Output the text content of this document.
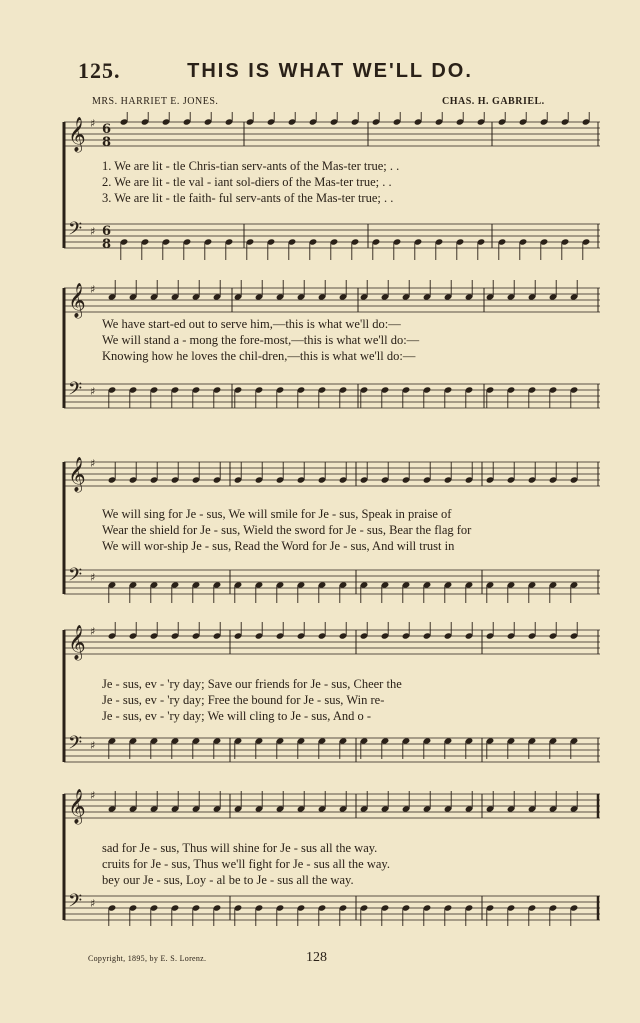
125.	THIS IS WHAT WE'LL DO.
MRS. HARRIET E. JONES.	CHAS. H. GABRIEL.
𝄞 ♯ 6
8
𝄢 ♯ 6
8
1. We are lit - tle Chris-tian serv-ants of the Mas-ter true; . .
2. We are lit - tle val - iant sol-diers of the Mas-ter true; . .
3. We are lit - tle faith- ful serv-ants of the Mas-ter true; . .
𝄞 ♯
𝄢 ♯
We have start-ed out to serve him,—this is what we'll do:—
We will stand a - mong the fore-most,—this is what we'll do:—
Knowing how he loves the chil-dren,—this is what we'll do:—
𝄞 ♯
𝄢 ♯
We will sing for Je - sus, We will smile for Je - sus, Speak in praise of
Wear the shield for Je - sus, Wield the sword for Je - sus, Bear the flag for
We will wor-ship Je - sus, Read the Word for Je - sus, And will trust in
𝄞 ♯
𝄢 ♯
Je - sus, ev - 'ry day; Save our friends for Je - sus, Cheer the
Je - sus, ev - 'ry day; Free the bound for Je - sus, Win re-
Je - sus, ev - 'ry day; We will cling to Je - sus, And o -
𝄞 ♯
𝄢 ♯
sad for Je - sus, Thus will shine for Je - sus all the way.
cruits for Je - sus, Thus we'll fight for Je - sus all the way.
bey our Je - sus, Loy - al be to Je - sus all the way.
Copyright, 1895, by E. S. Lorenz.	128
